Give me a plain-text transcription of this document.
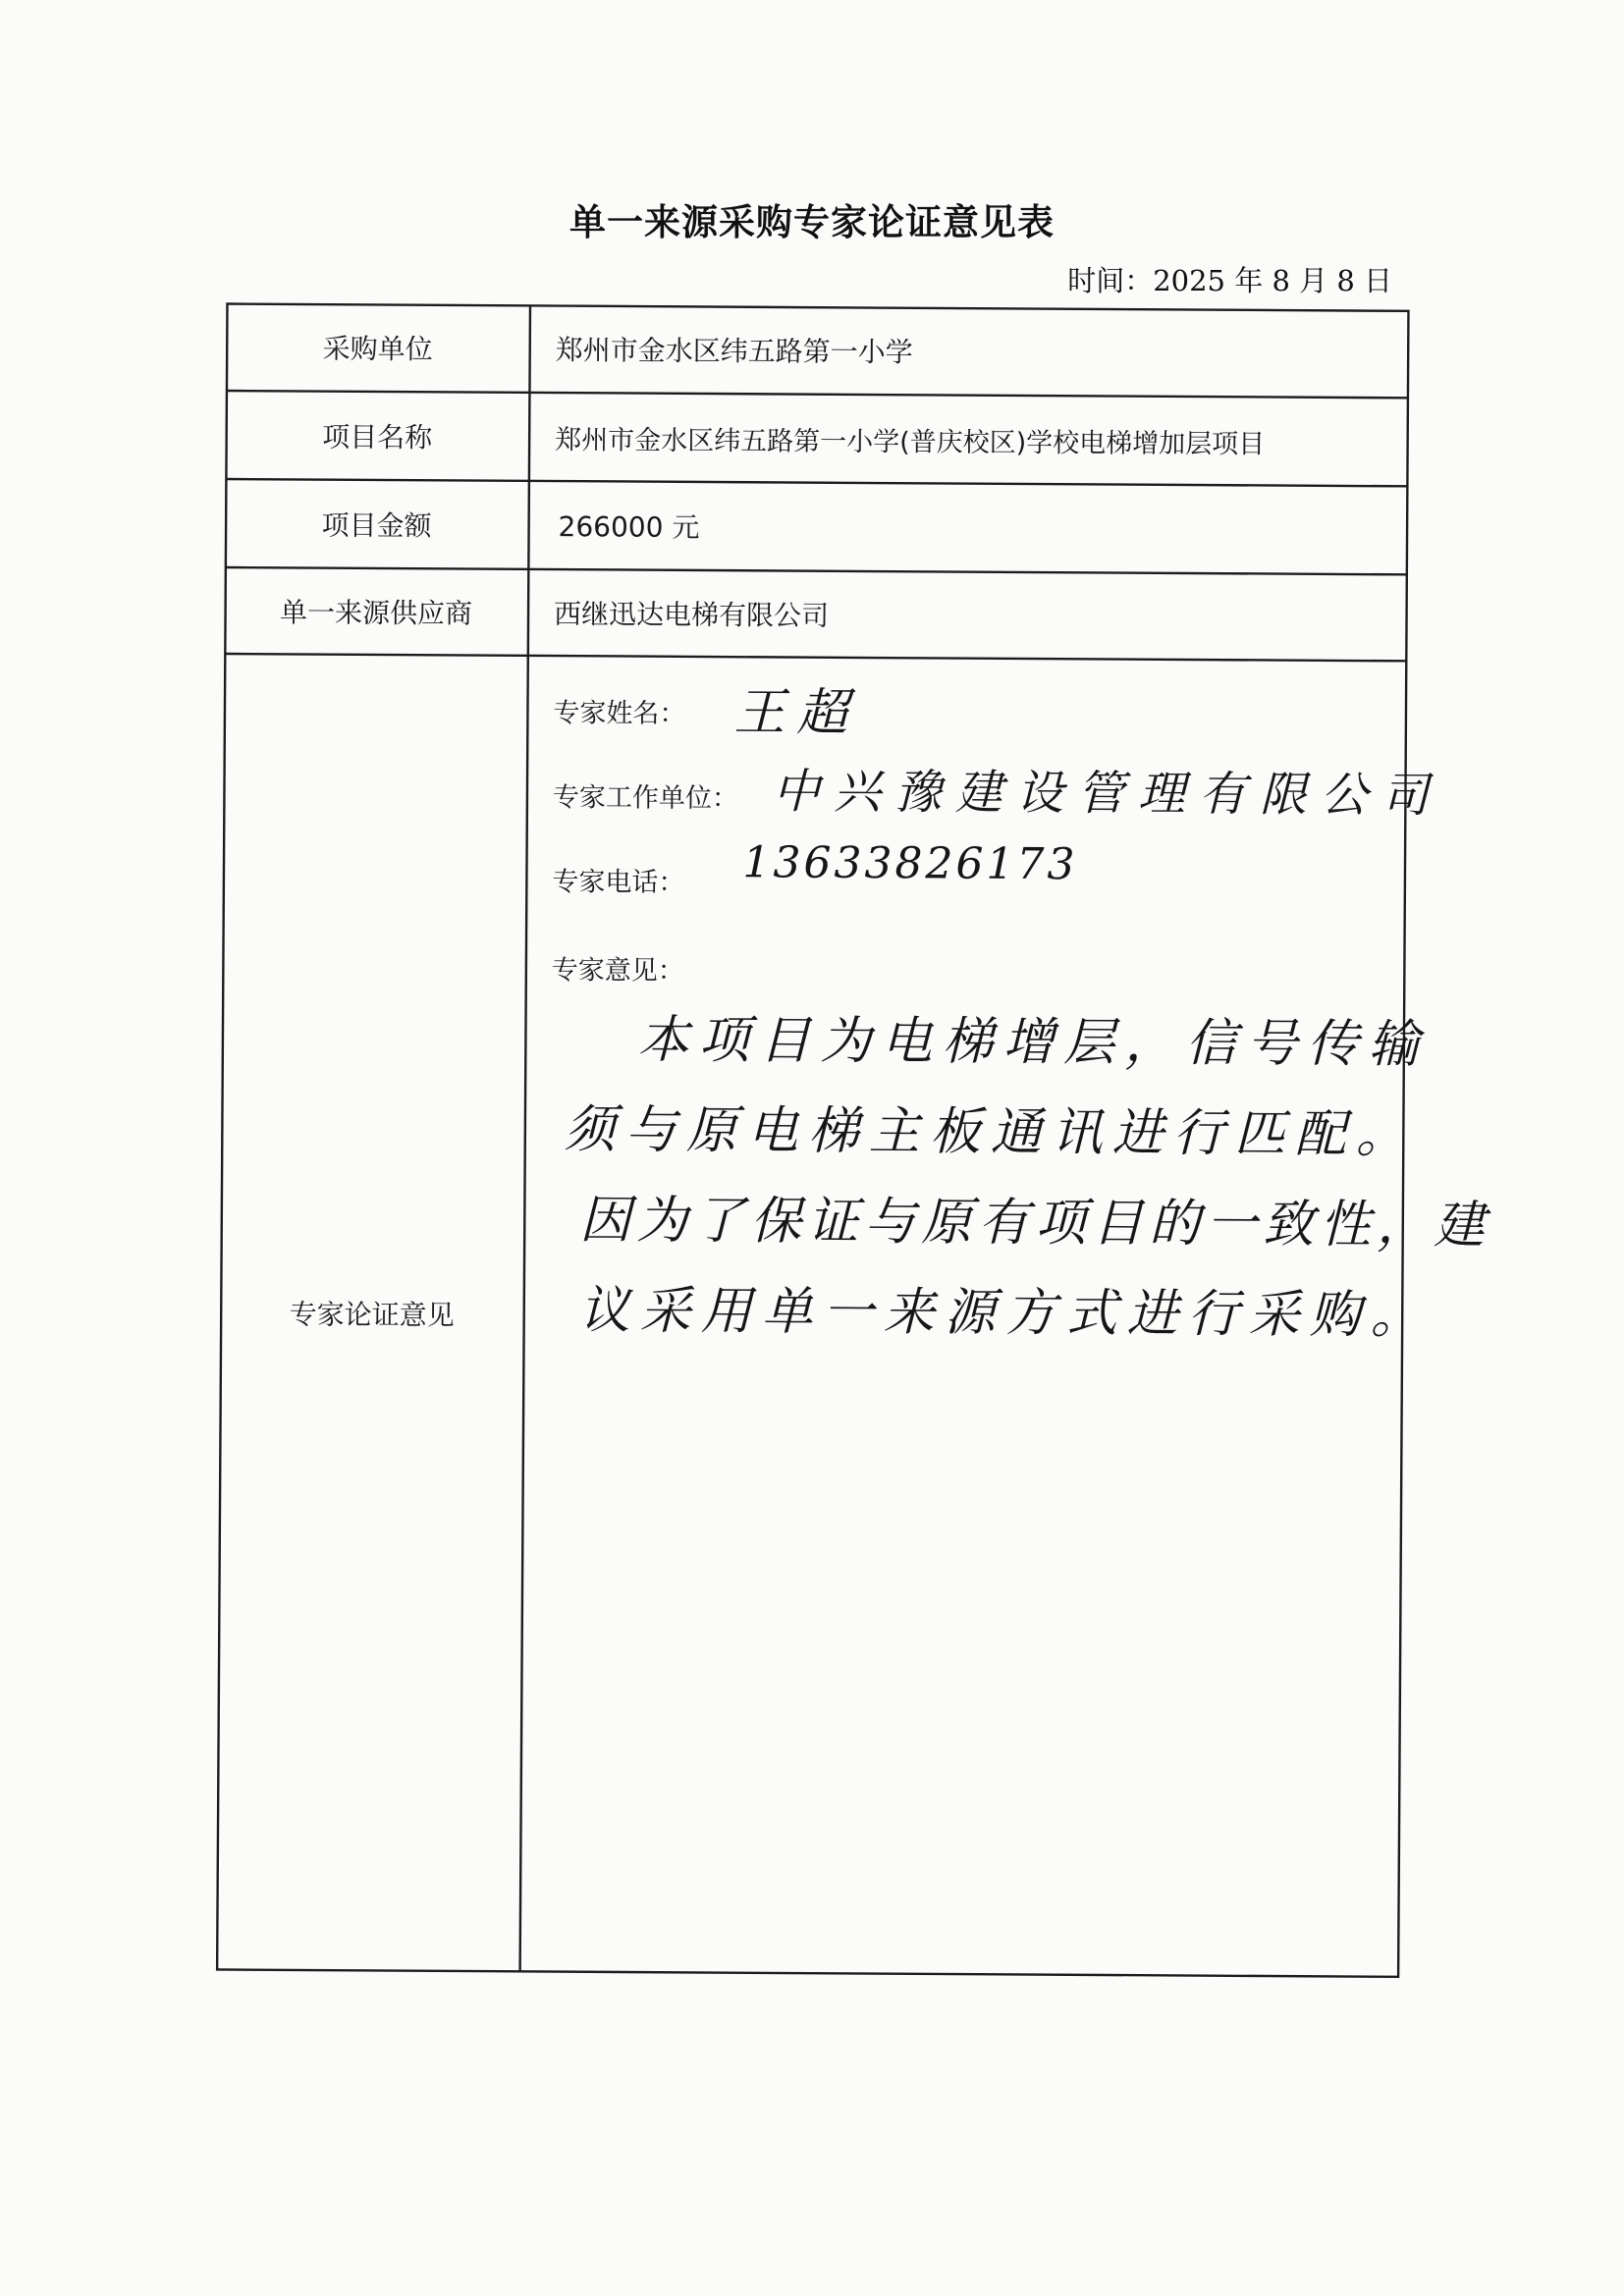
单一来源采购专家论证意见表
时间：2025 年 8 月 8 日
采购单位	郑州市金水区纬五路第一小学
项目名称	郑州市金水区纬五路第一小学(普庆校区)学校电梯增加层项目
项目金额	266000 元
单一来源供应商	西继迅达电梯有限公司
专家论证意见
专家姓名： 王超
专家工作单位： 中兴豫建设管理有限公司
专家电话： 13633826173
专家意见：
本项目为电梯增层，信号传输
须与原电梯主板通讯进行匹配。
因为了保证与原有项目的一致性，建
议采用单一来源方式进行采购。
